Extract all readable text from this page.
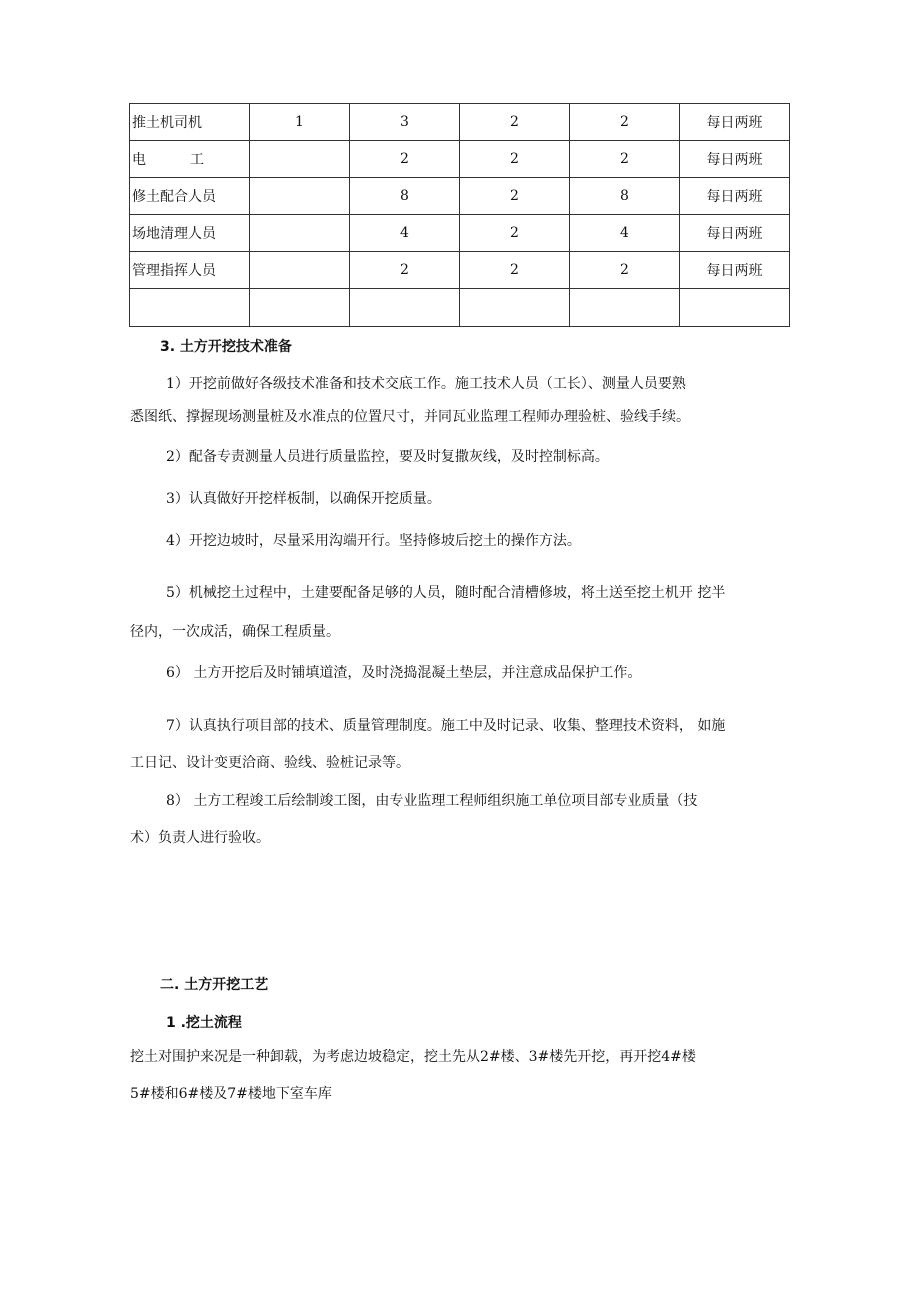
推土机司机	1	3	2	2	每日两班
电 工		2	2	2	每日两班
修土配合人员		8	2	8	每日两班
场地清理人员		4	2	4	每日两班
管理指挥人员		2	2	2	每日两班

3. 土方开挖技术准备
1）开挖前做好各级技术准备和技术交底工作。施工技术人员（工长）、测量人员要熟
悉图纸、撑握现场测量桩及水准点的位置尺寸，并同瓦业监理工程师办理验桩、验线手续。
2）配备专责测量人员进行质量监控，要及时复撒灰线，及时控制标高。
3）认真做好开挖样板制，以确保开挖质量。
4）开挖边坡时，尽量采用沟端开行。坚持修坡后挖土的操作方法。
5）机械挖土过程中，土建要配备足够的人员，随时配合清槽修坡，将土送至挖土机开 挖半
径内，一次成活，确保工程质量。
6） 土方开挖后及时铺填道渣，及时浇捣混凝土垫层，并注意成品保护工作。
7）认真执行项目部的技术、质量管理制度。施工中及时记录、收集、整理技术资料， 如施
工日记、设计变更洽商、验线、验桩记录等。
8） 土方工程竣工后绘制竣工图，由专业监理工程师组织施工单位项目部专业质量（技
术）负责人进行验收。
二. 土方开挖工艺
1 .挖土流程
挖土对围护来况是一种卸载，为考虑边坡稳定，挖土先从2#楼、3#楼先开挖，再开挖4#楼
5#楼和6#楼及7#楼地下室车库
